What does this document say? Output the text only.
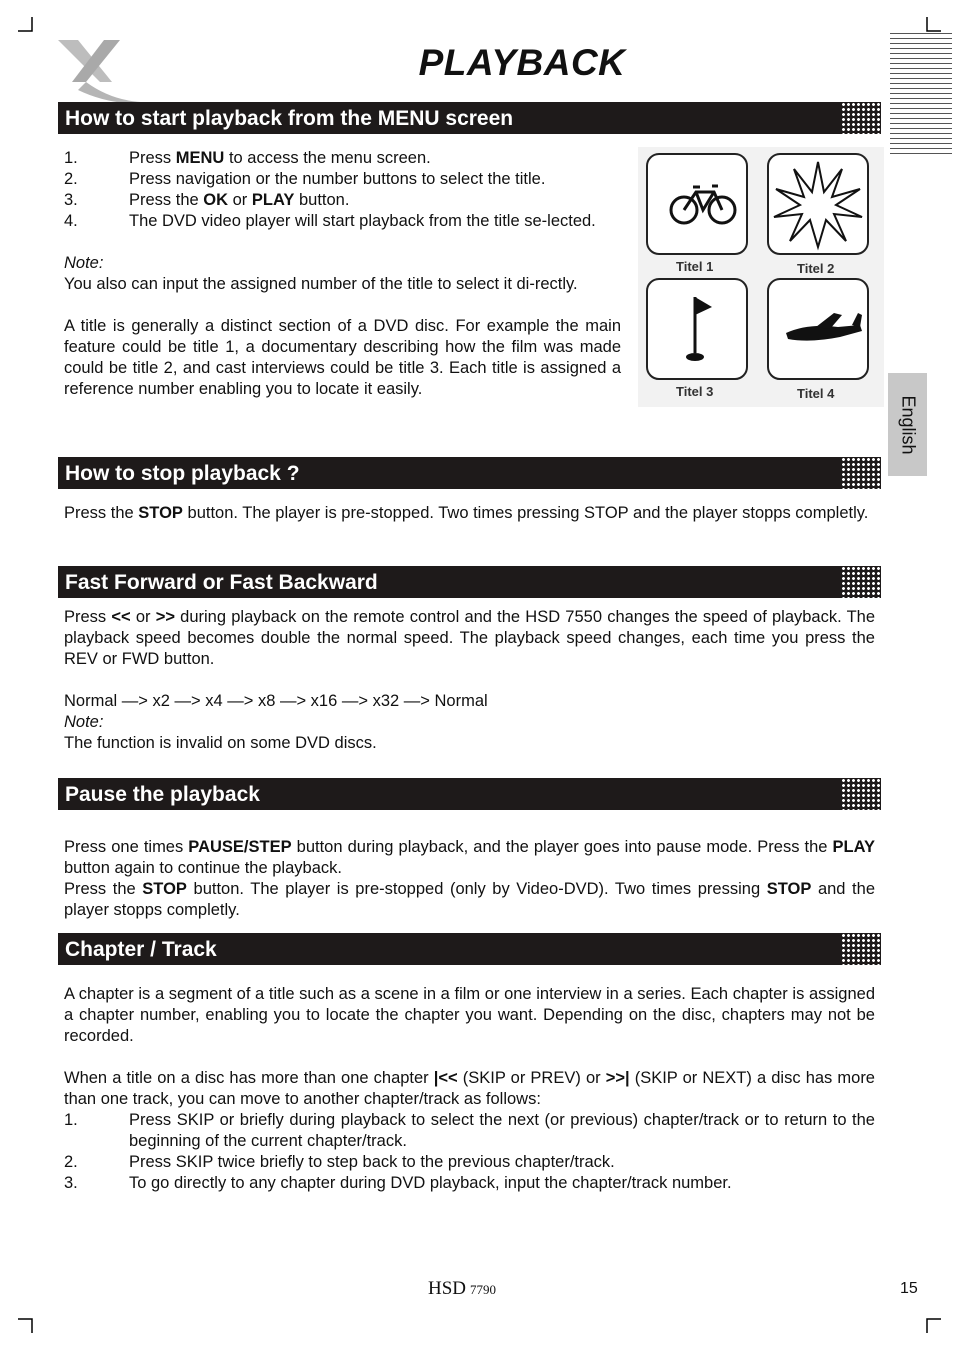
PLAYBACK
English
How to start playback from the MENU screen
1.	Press MENU to access the menu screen.
2.	Press navigation or the number buttons to select the title.
3.	Press the OK or PLAY button.
4.	The DVD video player will start playback from the title se-lected.

Note:

You also can input the assigned number of the title to select it di-rectly.

A title is generally a distinct section of a DVD disc. For example the main feature could be title 1, a documentary describing how the film was made could be title 2, and cast interviews could be title 3. Each title is assigned a reference number enabling you to locate it easily.

Titel 1	Titel 2
Titel 3	Titel 4
How to stop playback ?

Press the STOP button. The player is pre-stopped. Two times pressing STOP and the player stopps completly.

Fast Forward or Fast Backward

Press << or >> during playback on the remote control and the HSD 7550 changes the speed of playback. The playback speed becomes double the normal speed. The playback speed changes, each time you press the REV or FWD button.

Normal —> x2 —> x4 —> x8 —> x16 —> x32 —> Normal

Note:

The function is invalid on some DVD discs.

Pause the playback

Press one times PAUSE/STEP button during playback, and the player goes into pause mode. Press the PLAY button again to continue the playback.

Press the STOP button. The player is pre-stopped (only by Video-DVD). Two times pressing STOP and the player stopps completly.

Chapter / Track

A chapter is a segment of a title such as a scene in a film or one interview in a series. Each chapter is assigned a chapter number, enabling you to locate the chapter you want. Depending on the disc, chapters may not be recorded.

When a title on a disc has more than one chapter |<< (SKIP or PREV) or >>| (SKIP or NEXT) a disc has more than one track, you can move to another chapter/track as follows:

1.	Press SKIP or briefly during playback to select the next (or previous) chapter/track or to return to the beginning of the current chapter/track.
2.	Press SKIP twice briefly to step back to the previous chapter/track.
3.	To go directly to any chapter during DVD playback, input the chapter/track number.
HSD 7790	15
